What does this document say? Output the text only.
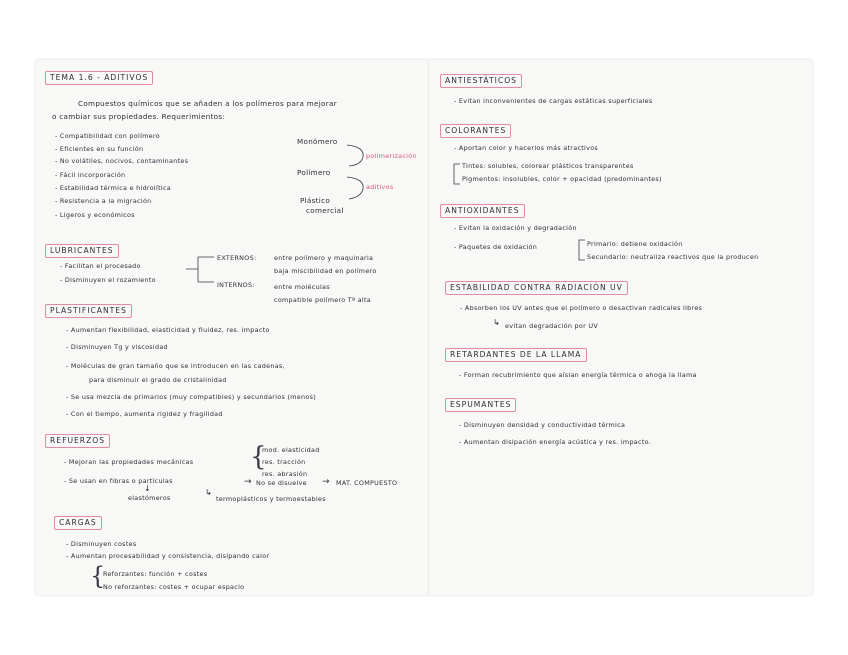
TEMA 1.6 - ADITIVOS
Compuestos químicos que se añaden a los polímeros para mejorar
o cambiar sus propiedades. Requerimientos:
- Compatibilidad con polímero
- Eficientes en su función
- No volátiles, nocivos, contaminantes
- Fácil incorporación
- Estabilidad térmica e hidrolítica
- Resistencia a la migración
- Ligeros y económicos
Monómero
Polímero
Plástico
comercial
polimerización
aditivos
LUBRICANTES
- Facilitan el procesado
- Disminuyen el rozamiento
EXTERNOS:	entre polímero y maquinaria
baja miscibilidad en polímero
INTERNOS:	entre moléculas
compatible polímero Tª alta
PLASTIFICANTES
- Aumentan flexibilidad, elasticidad y fluidez, res. impacto
- Disminuyen Tg y viscosidad
- Moléculas de gran tamaño que se introducen en las cadenas,
para disminuir el grado de cristalinidad
- Se usa mezcla de primarios (muy compatibles) y secundarios (menos)
- Con el tiempo, aumenta rigidez y fragilidad
REFUERZOS
- Mejoran las propiedades mecánicas {
mod. elasticidad
res. tracción
res. abrasión
- Se usan en fibras o partículas	→ No se disuelve → MAT. COMPUESTO
↓
elastómeros
↳
termoplásticos y termoestables
CARGAS
- Disminuyen costes
- Aumentan procesabilidad y consistencia, disipando calor
{
Reforzantes: función + costes
No reforzantes: costes + ocupar espacio
ANTIESTÁTICOS
- Evitan inconvenientes de cargas estáticas superficiales
COLORANTES
- Aportan color y hacerlos más atractivos
Tintes: solubles, colorear plásticos transparentes
Pigmentos: insolubles, color + opacidad (predominantes)
ANTIOXIDANTES
- Evitan la oxidación y degradación
- Paquetes de oxidación	Primario: detiene oxidación
Secundario: neutraliza reactivos que la producen
ESTABILIDAD CONTRA RADIACIÓN UV
- Absorben los UV antes que el polímero o desactivan radicales libres
↳ evitan degradación por UV
RETARDANTES DE LA LLAMA
- Forman recubrimiento que aíslan energía térmica o ahoga la llama
ESPUMANTES
- Disminuyen densidad y conductividad térmica
- Aumentan disipación energía acústica y res. impacto.
